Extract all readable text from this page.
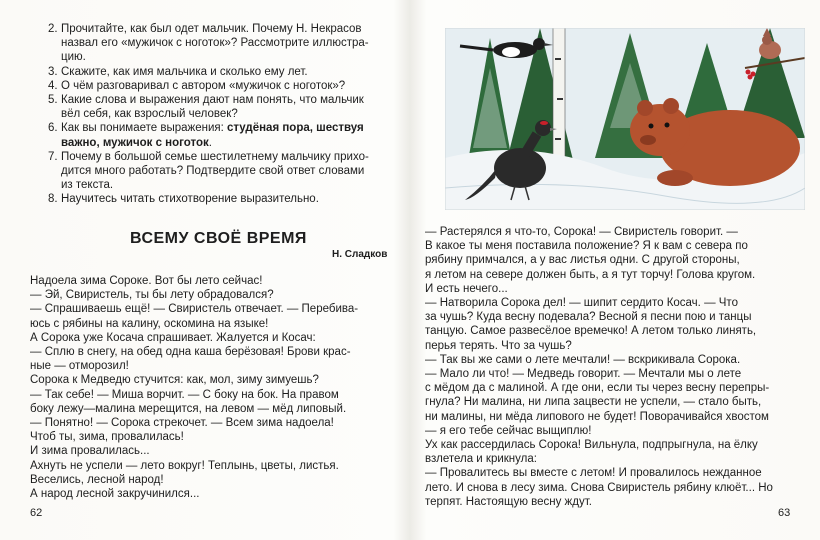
2. Прочитайте, как был одет мальчик. Почему Н. Некрасов
назвал его «мужичок с ноготок»? Рассмотрите иллюстра-
цию.
3. Скажите, как имя мальчика и сколько ему лет.
4. О чём разговаривал с автором «мужичок с ноготок»?
5. Какие слова и выражения дают нам понять, что мальчик
вёл себя, как взрослый человек?
6. Как вы понимаете выражения: студёная пора, шествуя
важно, мужичок с ноготок.
7. Почему в большой семье шестилетнему мальчику прихо-
дится много работать? Подтвердите свой ответ словами
из текста.
8. Научитесь читать стихотворение выразительно.
ВСЕМУ СВОЁ ВРЕМЯ
Н. Сладков
Надоела зима Сороке. Вот бы лето сейчас!
— Эй, Свиристель, ты бы лету обрадовался?
— Спрашиваешь ещё! — Свиристель отвечает. — Перебива-
юсь с рябины на калину, оскомина на языке!
А Сорока уже Косача спрашивает. Жалуется и Косач:
— Сплю в снегу, на обед одна каша берёзовая! Брови крас-
ные — отморозил!
Сорока к Медведю стучится: как, мол, зиму зимуешь?
— Так себе! — Миша ворчит. — С боку на бок. На правом
боку лежу—малина мерещится, на левом — мёд липовый.
— Понятно! — Сорока стрекочет. — Всем зима надоела!
Чтоб ты, зима, провалилась!
И зима провалилась...
Ахнуть не успели — лето вокруг! Теплынь, цветы, листья.
Веселись, лесной народ!
А народ лесной закручинился...
62
— Растерялся я что-то, Сорока! — Свиристель говорит. —
В какое ты меня поставила положение? Я к вам с севера по
рябину примчался, а у вас листья одни. С другой стороны,
я летом на севере должен быть, а я тут торчу! Голова кругом.
И есть нечего...
— Натворила Сорока дел! — шипит сердито Косач. — Что
за чушь? Куда весну подевала? Весной я песни пою и танцы
танцую. Самое развесёлое времечко! А летом только линять,
перья терять. Что за чушь?
— Так вы же сами о лете мечтали! — вскрикивала Сорока.
— Мало ли что! — Медведь говорит. — Мечтали мы о лете
с мёдом да с малиной. А где они, если ты через весну перепры-
гнула? Ни малина, ни липа зацвести не успели, — стало быть,
ни малины, ни мёда липового не будет! Поворачивайся хвостом
— я его тебе сейчас выщиплю!
Ух как рассердилась Сорока! Вильнула, подпрыгнула, на ёлку
взлетела и крикнула:
— Провалитесь вы вместе с летом! И провалилось нежданное
лето. И снова в лесу зима. Снова Свиристель рябину клюёт... Но
терпят. Настоящую весну ждут.
63
